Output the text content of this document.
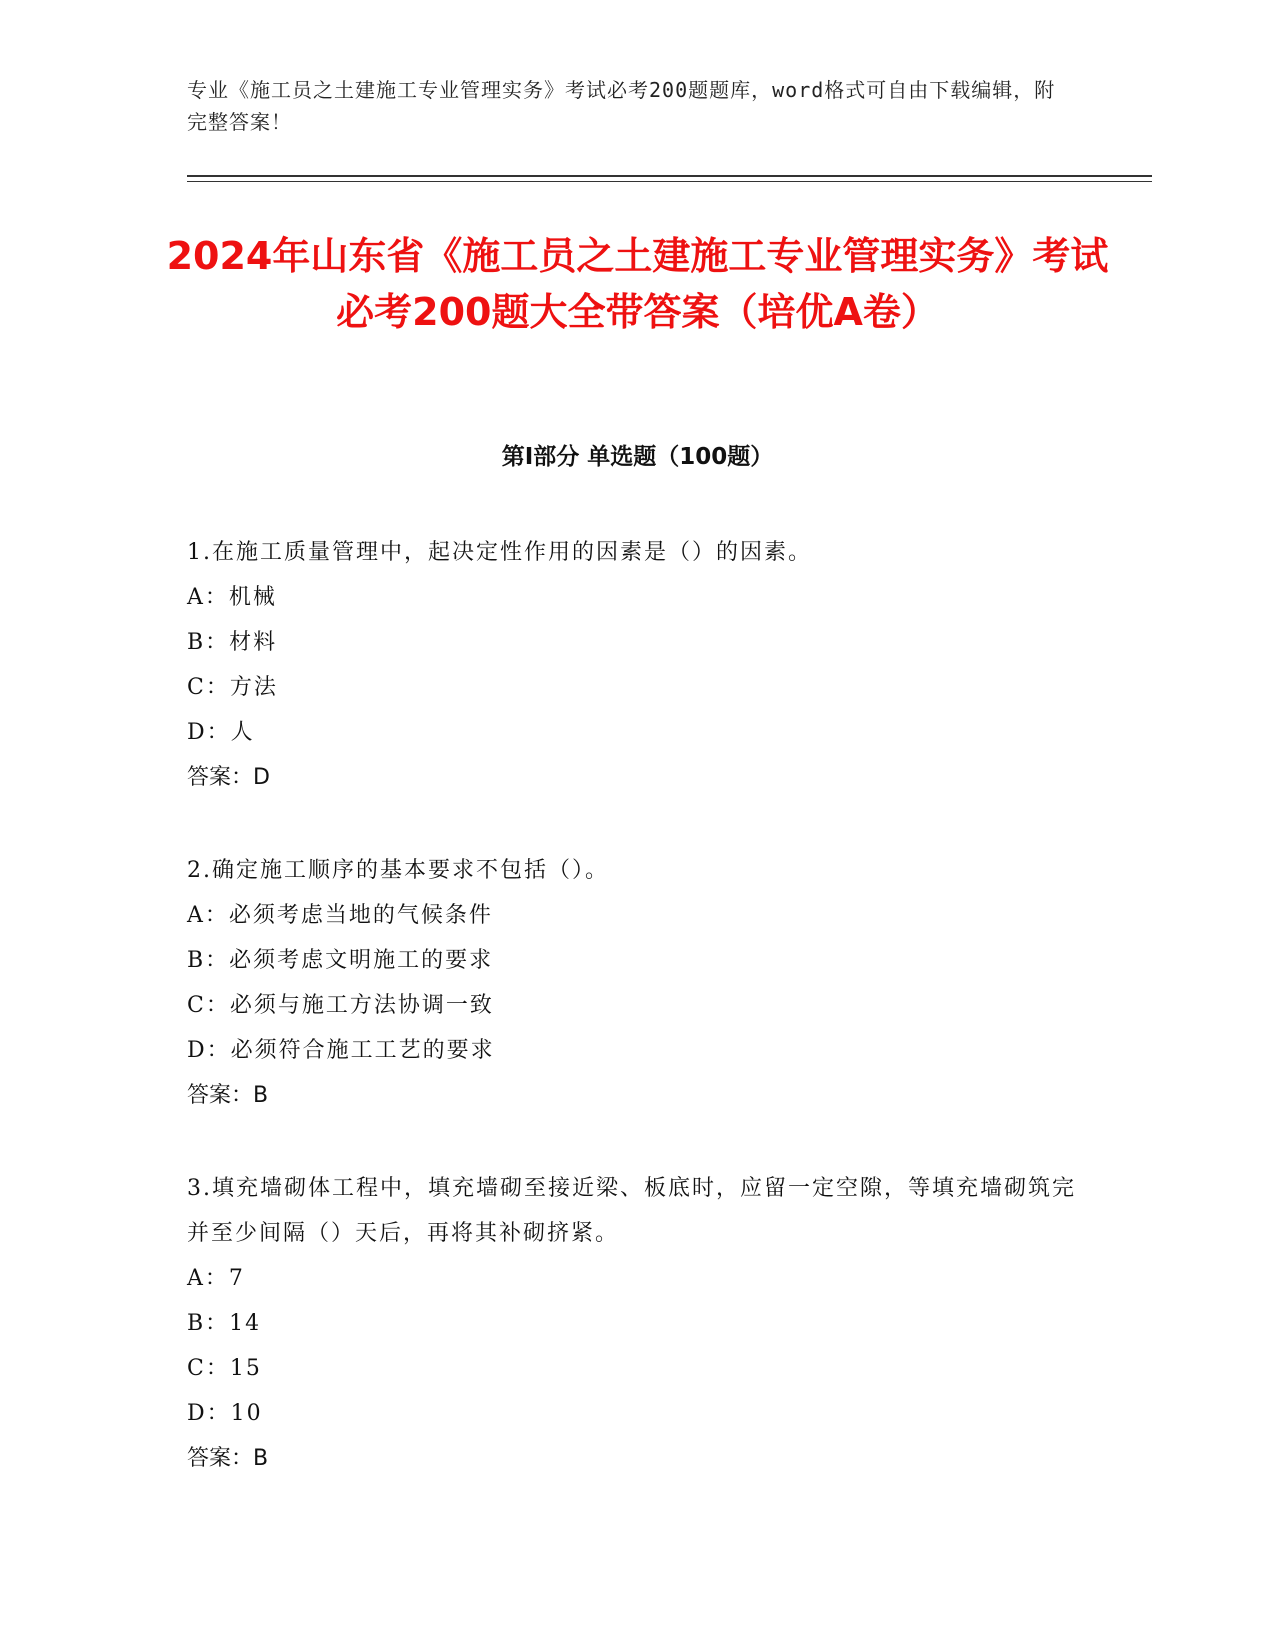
专业《施工员之土建施工专业管理实务》考试必考200题题库，word格式可自由下载编辑，附完整答案！
2024年山东省《施工员之土建施工专业管理实务》考试必考200题大全带答案（培优A卷）
第I部分 单选题（100题）

1.在施工质量管理中，起决定性作用的因素是（）的因素。

A：机械

B：材料

C：方法

D：人

答案：D

2.确定施工顺序的基本要求不包括（）。

A：必须考虑当地的气候条件

B：必须考虑文明施工的要求

C：必须与施工方法协调一致

D：必须符合施工工艺的要求

答案：B

3.填充墙砌体工程中，填充墙砌至接近梁、板底时，应留一定空隙，等填充墙砌筑完并至少间隔（）天后，再将其补砌挤紧。

A：7

B：14

C：15

D：10

答案：B
